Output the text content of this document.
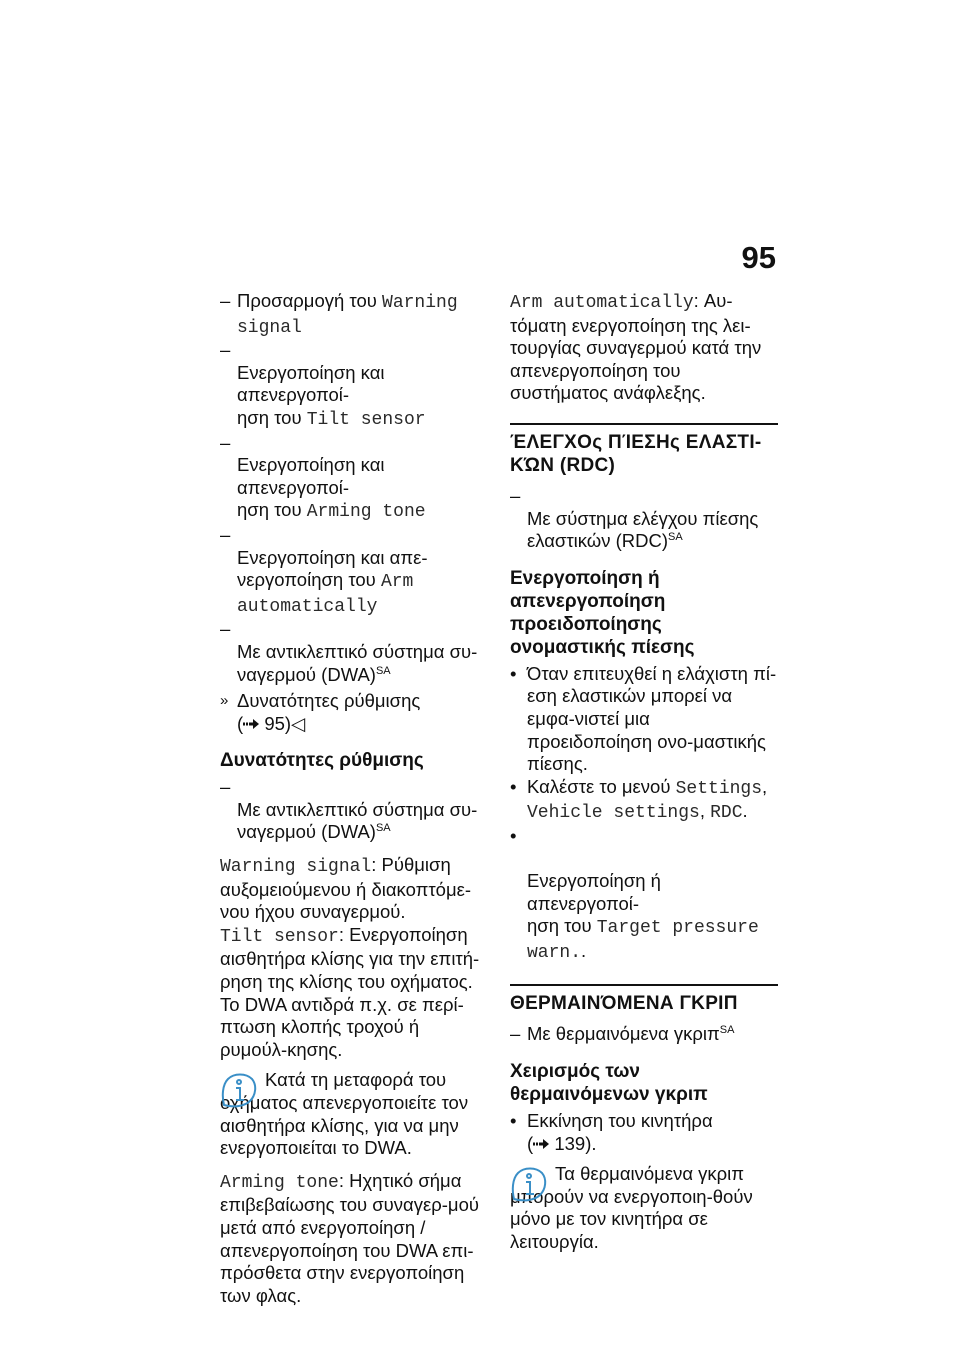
95

– Προσαρμογή του Warning signal

– Ενεργοποίηση και απενεργοποί-
ηση του Tilt sensor

– Ενεργοποίηση και απενεργοποί-
ηση του Arming tone

– Ενεργοποίηση και απε-
νεργοποίηση του Arm automatically

– Με αντικλεπτικό σύστημα συ-
ναγερμού (DWA)$^{SA}$

» Δυνατότητες ρύθμισης
( 95)◁

Δυνατότητες ρύθμισης

– Με αντικλεπτικό σύστημα συ-
ναγερμού (DWA)$^{SA}$

Warning signal: Ρύθμιση αυξομειούμενου ή διακοπτόμε-νου ήχου συναγερμού.

Tilt sensor: Ενεργοποίηση αισθητήρα κλίσης για την επιτή-ρηση της κλίσης του οχήματος. Το DWA αντιδρά π.χ. σε περί-πτωση κλοπής τροχού ή ρυμούλ-κησης.

Κατά τη μεταφορά του οχήματος απενεργοποιείτε τον αισθητήρα κλίσης, για να μην ενεργοποιείται το DWA.

Arming tone: Ηχητικό σήμα επιβεβαίωσης του συναγερ-μού μετά από ενεργοποίηση / απενεργοποίηση του DWA επι-πρόσθετα στην ενεργοποίηση των φλας.

Arm automatically: Αυ-τόματη ενεργοποίηση της λει-τουργίας συναγερμού κατά την απενεργοποίηση του συστήματος ανάφλεξης.

ΈΛΕΓΧΟς ΠΊΕΣΗς ΕΛΑΣΤΙ-ΚΏΝ (RDC)

– Με σύστημα ελέγχου πίεσης
ελαστικών (RDC)$^{SA}$

Ενεργοποίηση ή απενεργοποίηση προειδοποίησης ονομαστικής πίεσης
• Όταν επιτευχθεί η ελάχιστη πί-εση ελαστικών μπορεί να εμφα-νιστεί μια προειδοποίηση ονο-μαστικής πίεσης.
• Καλέστε το μενού Settings, Vehicle settings, RDC.

•

Ενεργοποίηση ή απενεργοποί-
ηση του Target pressure warn..

ΘΕΡΜΑΙΝΌΜΕΝΑ ΓΚΡΙΠ

– Με θερμαινόμενα γκριπ$^{SA}$

Χειρισμός των θερμαινόμενων γκριπ
• Εκκίνηση του κινητήρα
( 139).
Τα θερμαινόμενα γκριπ μπορούν να ενεργοποιη-θούν μόνο με τον κινητήρα σε λειτουργία.
